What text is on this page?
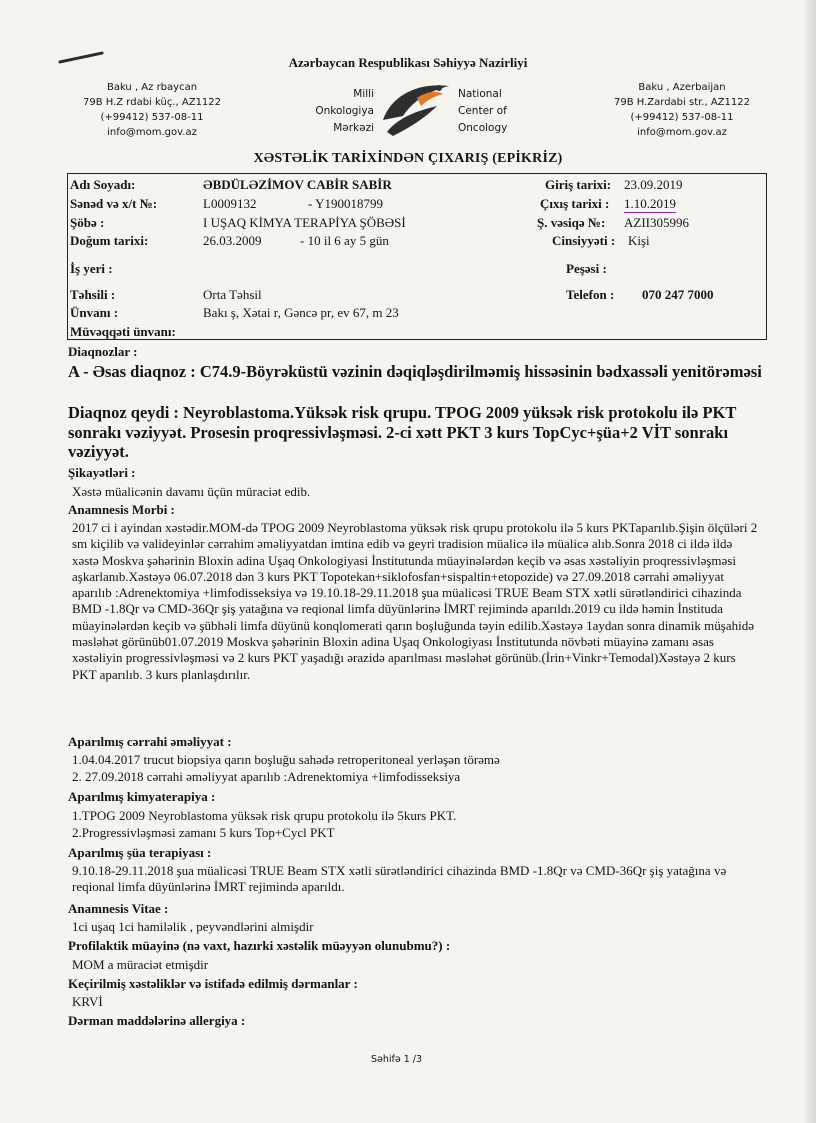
Azərbaycan Respublikası Səhiyyə Nazirliyi
Baku , Az rbaycan
79B H.Z rdabi küç., AZ1122
(+99412) 537-08-11
info@mom.gov.az
Baku , Azerbaijan
79B H.Zardabi str., AZ1122
(+99412) 537-08-11
info@mom.gov.az
Milli
Onkologiya
Mərkəzi
National
Center of
Oncology
XƏSTƏLİK TARİXİNDƏN ÇIXARIŞ (EPİKRİZ)
Adı Soyadı:	ƏBDÜLƏZİMOV CABİR SABİR
Sənəd və x/t №:	L0009132	- Y190018799
Şöbə :	I UŞAQ KİMYA TERAPİYA ŞÖBƏSİ
Doğum tarixi:	26.03.2009	- 10 il 6 ay 5 gün
İş yeri :
Təhsili :	Orta Təhsil
Ünvanı :	Bakı ş, Xətai r, Gəncə pr, ev 67, m 23
Müvəqqəti ünvanı:
Giriş tarixi: 23.09.2019
Çıxış tarixi : 1.10.2019
Ş. vəsiqə №: AZII305996
Cinsiyyəti : Kişi
Peşəsi :
Telefon : 070 247 7000
Diaqnozlar :
A - Əsas diaqnoz : C74.9-Böyrəküstü vəzinin dəqiqləşdirilməmiş hissəsinin bədxassəli yenitörəməsi
Diaqnoz qeydi : Neyroblastoma.Yüksək risk qrupu. TPOG 2009 yüksək risk protokolu ilə PKT sonrakı vəziyyət. Prosesin proqressivləşməsi. 2-ci xətt PKT 3 kurs TopCyc+şüa+2 VİT sonrakı vəziyyət.
Şikayətləri :
Xəstə müalicənin davamı üçün müraciət edib.
Anamnesis Morbi :
2017 ci i ayindan xəstədir.MOM-də TPOG 2009 Neyroblastoma yüksək risk qrupu protokolu ilə 5 kurs PKTaparılıb.Şişin ölçüləri 2 sm kiçilib və valideyinlər cərrahim əməliyyatdan imtina edib və geyri tradision müalicə ilə müalicə alıb.Sonra 2018 ci ildə ildə xəstə Moskva şəhərinin Bloxin adina Uşaq Onkologiyasi İnstitutunda müayinələrdən keçib və əsas xəstəliyin proqressivləşməsi aşkarlanıb.Xəstəyə 06.07.2018 dən 3 kurs PKT Topotekan+siklofosfan+sispaltin+etopozide) və 27.09.2018 cərrahi əməliyyat aparılıb :Adrenektomiya +limfodisseksiya və 19.10.18-29.11.2018 şua müalicəsi TRUE Beam STX xətli sürətləndirici cihazinda BMD -1.8Qr və CMD-36Qr şiş yatağına və reqional limfa düyünlərinə İMRT rejimində aparıldı.2019 cu ildə həmin İnstituda müayinələrdən keçib və şübhəli limfa düyünü konqlomerati qarın boşluğunda təyin edilib.Xəstəyə 1aydan sonra dinamik müşahidə məsləhət görünüb01.07.2019 Moskva şəhərinin Bloxin adina Uşaq Onkologiyası İnstitutunda növbəti müayinə zamanı əsas xəstəliyin progressivləşməsi və 2 kurs PKT yaşadığı ərazidə aparılması məsləhət görünüb.(İrin+Vinkr+Temodal)Xəstəyə 2 kurs PKT aparılıb. 3 kurs planlaşdırılır.
Aparılmış cərrahi əməliyyat :
1.04.04.2017 trucut biopsiya qarın boşluğu sahədə retroperitoneal yerləşən törəmə
2. 27.09.2018 cərrahi əməliyyat aparılıb :Adrenektomiya +limfodisseksiya
Aparılmış kimyaterapiya :
1.TPOG 2009 Neyroblastoma yüksək risk qrupu protokolu ilə 5kurs PKT.
2.Progressivləşməsi zamanı 5 kurs Top+Cycl PKT
Aparılmış şüa terapiyası :
9.10.18-29.11.2018 şua müalicəsi TRUE Beam STX xətli sürətləndirici cihazinda BMD -1.8Qr və CMD-36Qr şiş yatağına və reqional limfa düyünlərinə İMRT rejimində aparıldı.
Anamnesis Vitae :
1ci uşaq 1ci hamiləlik , peyvəndlərini almişdir
Profilaktik müayinə (nə vaxt, hazırki xəstəlik müəyyən olunubmu?) :
MOM a müraciət etmişdir
Keçirilmiş xəstəliklər və istifadə edilmiş dərmanlar :
KRVİ
Dərman maddələrinə allergiya :
Səhifə 1 /3
